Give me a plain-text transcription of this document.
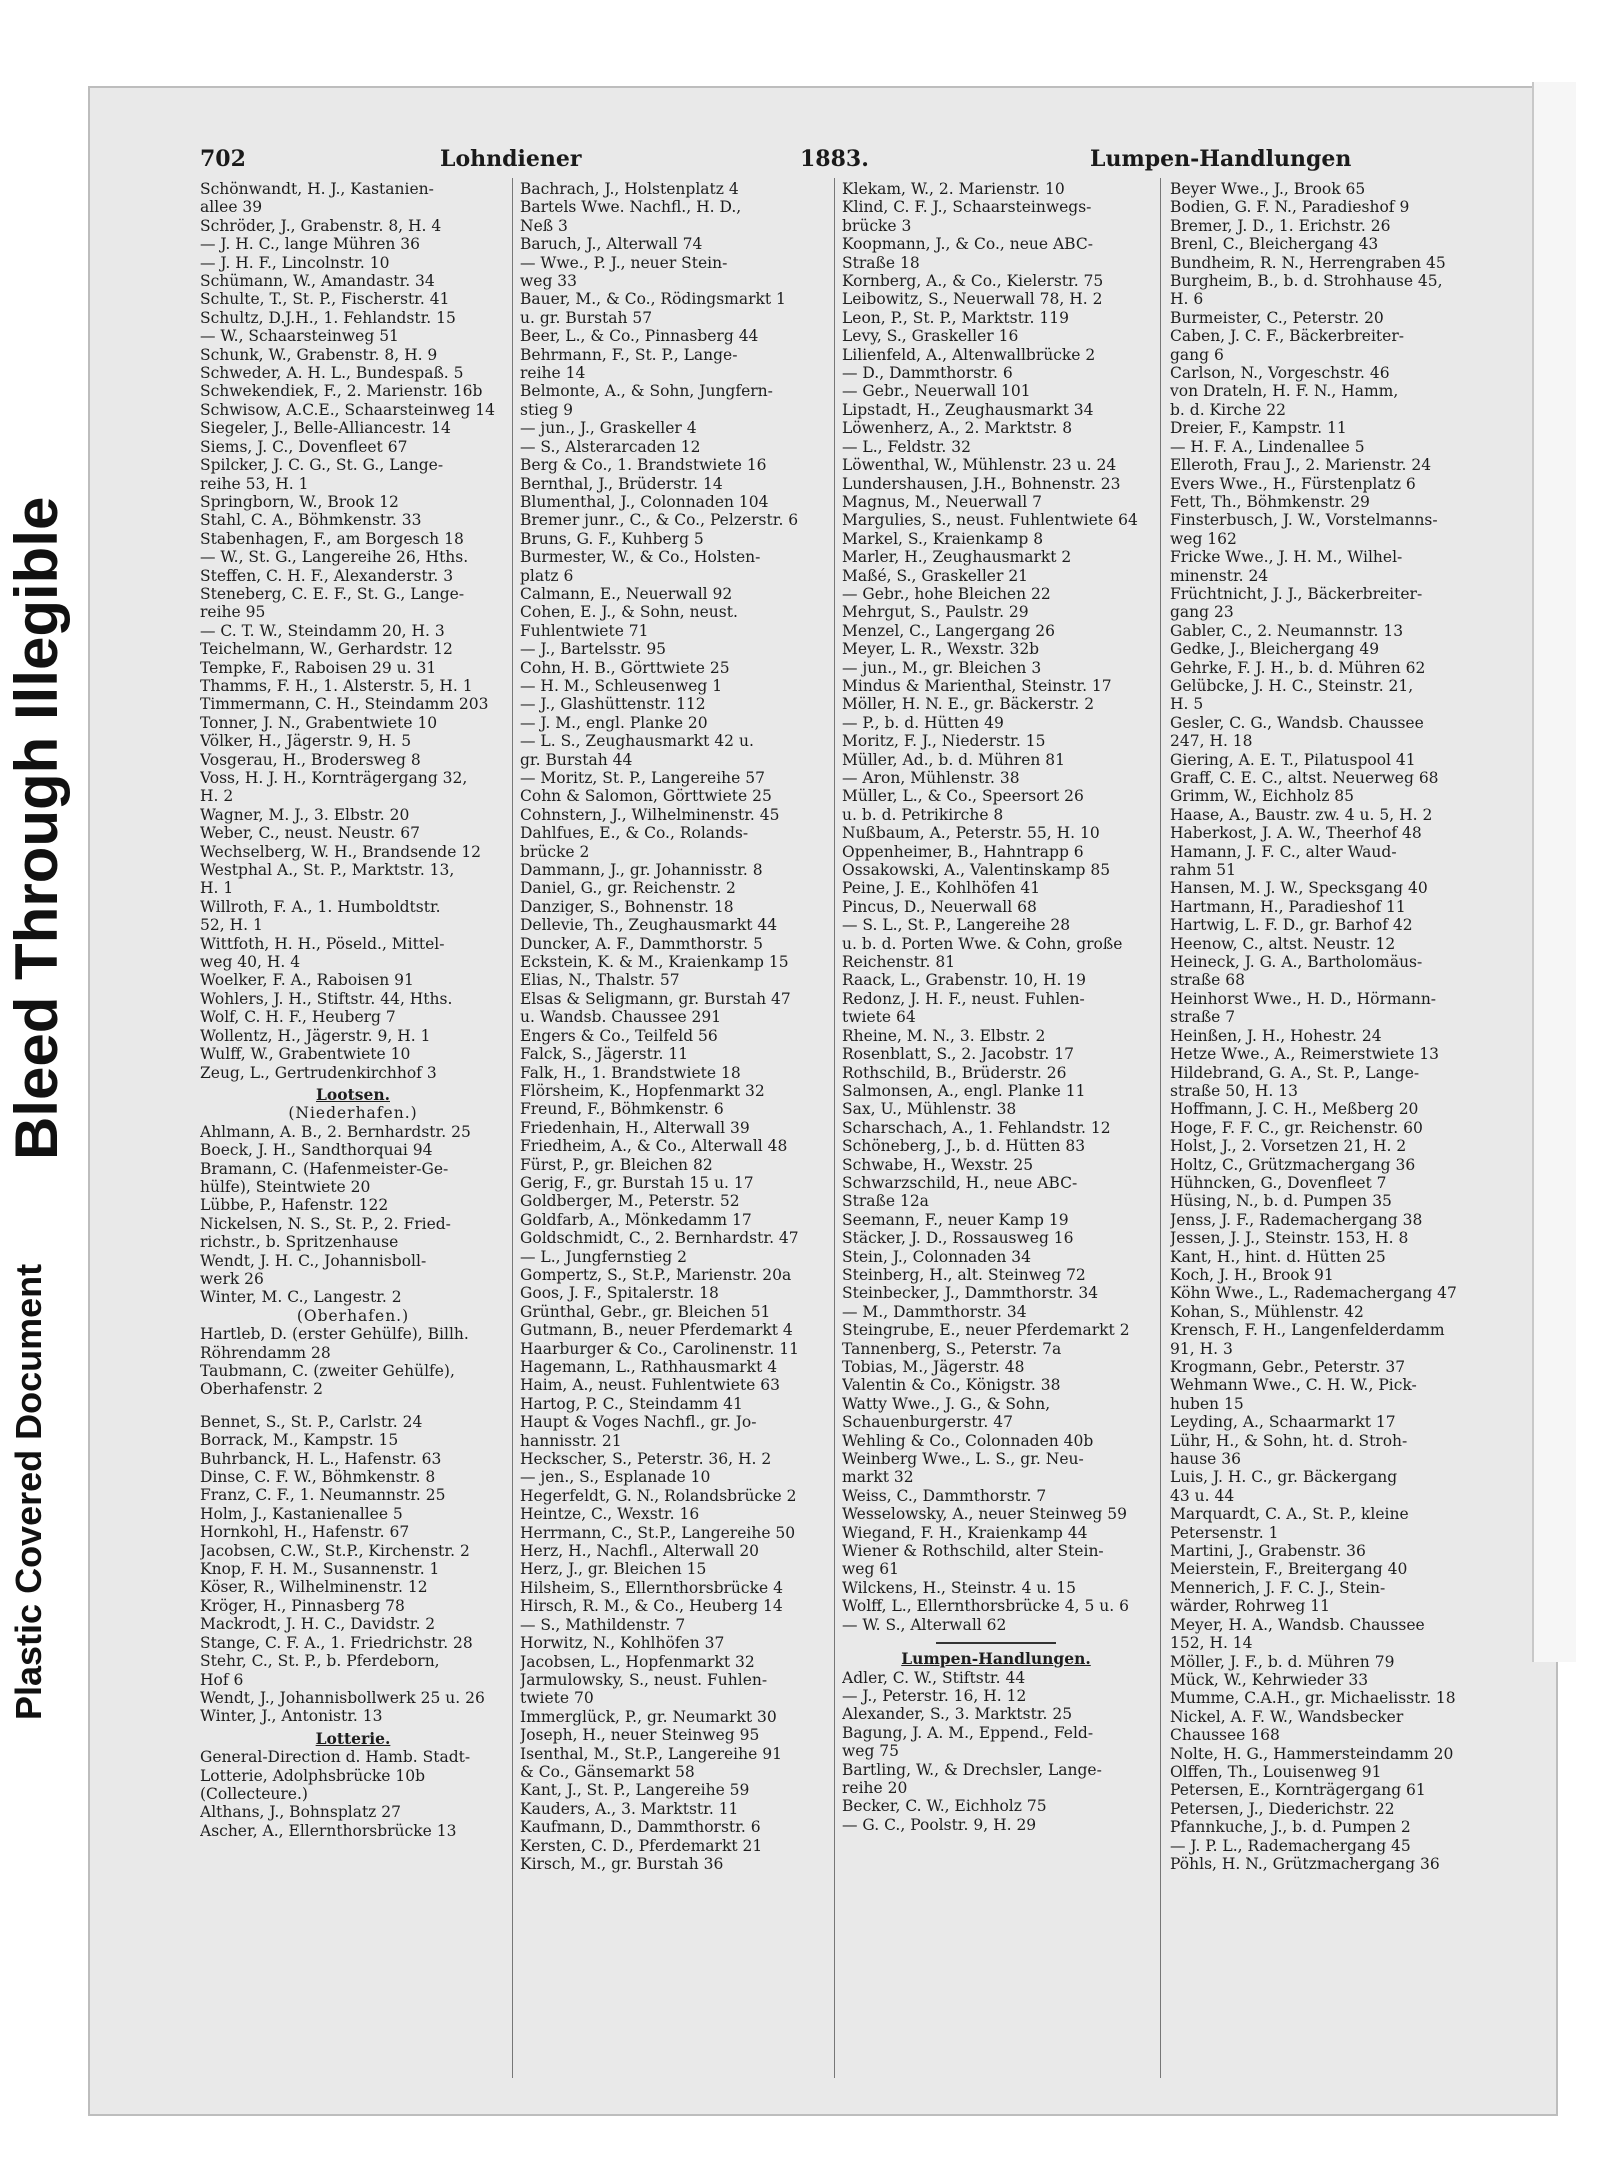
Bleed Through Illegible
Plastic Covered Document
702	Lohndiener	1883.	Lumpen-Handlungen
Schönwandt, H. J., Kastanien-
allee 39
Schröder, J., Grabenstr. 8, H. 4
— J. H. C., lange Mühren 36
— J. H. F., Lincolnstr. 10
Schümann, W., Amandastr. 34
Schulte, T., St. P., Fischerstr. 41
Schultz, D.J.H., 1. Fehlandstr. 15
— W., Schaarsteinweg 51
Schunk, W., Grabenstr. 8, H. 9
Schweder, A. H. L., Bundespaß. 5
Schwekendiek, F., 2. Marienstr. 16b
Schwisow, A.C.E., Schaarsteinweg 14
Siegeler, J., Belle-Alliancestr. 14
Siems, J. C., Dovenfleet 67
Spilcker, J. C. G., St. G., Lange-
reihe 53, H. 1
Springborn, W., Brook 12
Stahl, C. A., Böhmkenstr. 33
Stabenhagen, F., am Borgesch 18
— W., St. G., Langereihe 26, Hths.
Steffen, C. H. F., Alexanderstr. 3
Steneberg, C. E. F., St. G., Lange-
reihe 95
— C. T. W., Steindamm 20, H. 3
Teichelmann, W., Gerhardstr. 12
Tempke, F., Raboisen 29 u. 31
Thamms, F. H., 1. Alsterstr. 5, H. 1
Timmermann, C. H., Steindamm 203
Tonner, J. N., Grabentwiete 10
Völker, H., Jägerstr. 9, H. 5
Vosgerau, H., Brodersweg 8
Voss, H. J. H., Kornträgergang 32,
H. 2
Wagner, M. J., 3. Elbstr. 20
Weber, C., neust. Neustr. 67
Wechselberg, W. H., Brandsende 12
Westphal A., St. P., Marktstr. 13,
H. 1
Willroth, F. A., 1. Humboldtstr.
52, H. 1
Wittfoth, H. H., Pöseld., Mittel-
weg 40, H. 4
Woelker, F. A., Raboisen 91
Wohlers, J. H., Stiftstr. 44, Hths.
Wolf, C. H. F., Heuberg 7
Wollentz, H., Jägerstr. 9, H. 1
Wulff, W., Grabentwiete 10
Zeug, L., Gertrudenkirchhof 3
Lootsen.
(Niederhafen.)
Ahlmann, A. B., 2. Bernhardstr. 25
Boeck, J. H., Sandthorquai 94
Bramann, C. (Hafenmeister-Ge-
hülfe), Steintwiete 20
Lübbe, P., Hafenstr. 122
Nickelsen, N. S., St. P., 2. Fried-
richstr., b. Spritzenhause
Wendt, J. H. C., Johannisboll-
werk 26
Winter, M. C., Langestr. 2
(Oberhafen.)
Hartleb, D. (erster Gehülfe), Billh.
Röhrendamm 28
Taubmann, C. (zweiter Gehülfe),
Oberhafenstr. 2
Bennet, S., St. P., Carlstr. 24
Borrack, M., Kampstr. 15
Buhrbanck, H. L., Hafenstr. 63
Dinse, C. F. W., Böhmkenstr. 8
Franz, C. F., 1. Neumannstr. 25
Holm, J., Kastanienallee 5
Hornkohl, H., Hafenstr. 67
Jacobsen, C.W., St.P., Kirchenstr. 2
Knop, F. H. M., Susannenstr. 1
Köser, R., Wilhelminenstr. 12
Kröger, H., Pinnasberg 78
Mackrodt, J. H. C., Davidstr. 2
Stange, C. F. A., 1. Friedrichstr. 28
Stehr, C., St. P., b. Pferdeborn,
Hof 6
Wendt, J., Johannisbollwerk 25 u. 26
Winter, J., Antonistr. 13
Lotterie.
General-Direction d. Hamb. Stadt-
Lotterie, Adolphsbrücke 10b
(Collecteure.)
Althans, J., Bohnsplatz 27
Ascher, A., Ellernthorsbrücke 13
Bachrach, J., Holstenplatz 4
Bartels Wwe. Nachfl., H. D.,
Neß 3
Baruch, J., Alterwall 74
— Wwe., P. J., neuer Stein-
weg 33
Bauer, M., & Co., Rödingsmarkt 1
u. gr. Burstah 57
Beer, L., & Co., Pinnasberg 44
Behrmann, F., St. P., Lange-
reihe 14
Belmonte, A., & Sohn, Jungfern-
stieg 9
— jun., J., Graskeller 4
— S., Alsterarcaden 12
Berg & Co., 1. Brandstwiete 16
Bernthal, J., Brüderstr. 14
Blumenthal, J., Colonnaden 104
Bremer junr., C., & Co., Pelzerstr. 6
Bruns, G. F., Kuhberg 5
Burmester, W., & Co., Holsten-
platz 6
Calmann, E., Neuerwall 92
Cohen, E. J., & Sohn, neust.
Fuhlentwiete 71
— J., Bartelsstr. 95
Cohn, H. B., Görttwiete 25
— H. M., Schleusenweg 1
— J., Glashüttenstr. 112
— J. M., engl. Planke 20
— L. S., Zeughausmarkt 42 u.
gr. Burstah 44
— Moritz, St. P., Langereihe 57
Cohn & Salomon, Görttwiete 25
Cohnstern, J., Wilhelminenstr. 45
Dahlfues, E., & Co., Rolands-
brücke 2
Dammann, J., gr. Johannisstr. 8
Daniel, G., gr. Reichenstr. 2
Danziger, S., Bohnenstr. 18
Dellevie, Th., Zeughausmarkt 44
Duncker, A. F., Dammthorstr. 5
Eckstein, K. & M., Kraienkamp 15
Elias, N., Thalstr. 57
Elsas & Seligmann, gr. Burstah 47
u. Wandsb. Chaussee 291
Engers & Co., Teilfeld 56
Falck, S., Jägerstr. 11
Falk, H., 1. Brandstwiete 18
Flörsheim, K., Hopfenmarkt 32
Freund, F., Böhmkenstr. 6
Friedenhain, H., Alterwall 39
Friedheim, A., & Co., Alterwall 48
Fürst, P., gr. Bleichen 82
Gerig, F., gr. Burstah 15 u. 17
Goldberger, M., Peterstr. 52
Goldfarb, A., Mönkedamm 17
Goldschmidt, C., 2. Bernhardstr. 47
— L., Jungfernstieg 2
Gompertz, S., St.P., Marienstr. 20a
Goos, J. F., Spitalerstr. 18
Grünthal, Gebr., gr. Bleichen 51
Gutmann, B., neuer Pferdemarkt 4
Haarburger & Co., Carolinenstr. 11
Hagemann, L., Rathhausmarkt 4
Haim, A., neust. Fuhlentwiete 63
Hartog, P. C., Steindamm 41
Haupt & Voges Nachfl., gr. Jo-
hannisstr. 21
Heckscher, S., Peterstr. 36, H. 2
— jen., S., Esplanade 10
Hegerfeldt, G. N., Rolandsbrücke 2
Heintze, C., Wexstr. 16
Herrmann, C., St.P., Langereihe 50
Herz, H., Nachfl., Alterwall 20
Herz, J., gr. Bleichen 15
Hilsheim, S., Ellernthorsbrücke 4
Hirsch, R. M., & Co., Heuberg 14
— S., Mathildenstr. 7
Horwitz, N., Kohlhöfen 37
Jacobsen, L., Hopfenmarkt 32
Jarmulowsky, S., neust. Fuhlen-
twiete 70
Immerglück, P., gr. Neumarkt 30
Joseph, H., neuer Steinweg 95
Isenthal, M., St.P., Langereihe 91
& Co., Gänsemarkt 58
Kant, J., St. P., Langereihe 59
Kauders, A., 3. Marktstr. 11
Kaufmann, D., Dammthorstr. 6
Kersten, C. D., Pferdemarkt 21
Kirsch, M., gr. Burstah 36
Klekam, W., 2. Marienstr. 10
Klind, C. F. J., Schaarsteinwegs-
brücke 3
Koopmann, J., & Co., neue ABC-
Straße 18
Kornberg, A., & Co., Kielerstr. 75
Leibowitz, S., Neuerwall 78, H. 2
Leon, P., St. P., Marktstr. 119
Levy, S., Graskeller 16
Lilienfeld, A., Altenwallbrücke 2
— D., Dammthorstr. 6
— Gebr., Neuerwall 101
Lipstadt, H., Zeughausmarkt 34
Löwenherz, A., 2. Marktstr. 8
— L., Feldstr. 32
Löwenthal, W., Mühlenstr. 23 u. 24
Lundershausen, J.H., Bohnenstr. 23
Magnus, M., Neuerwall 7
Margulies, S., neust. Fuhlentwiete 64
Markel, S., Kraienkamp 8
Marler, H., Zeughausmarkt 2
Maßé, S., Graskeller 21
— Gebr., hohe Bleichen 22
Mehrgut, S., Paulstr. 29
Menzel, C., Langergang 26
Meyer, L. R., Wexstr. 32b
— jun., M., gr. Bleichen 3
Mindus & Marienthal, Steinstr. 17
Möller, H. N. E., gr. Bäckerstr. 2
— P., b. d. Hütten 49
Moritz, F. J., Niederstr. 15
Müller, Ad., b. d. Mühren 81
— Aron, Mühlenstr. 38
Müller, L., & Co., Speersort 26
u. b. d. Petrikirche 8
Nußbaum, A., Peterstr. 55, H. 10
Oppenheimer, B., Hahntrapp 6
Ossakowski, A., Valentinskamp 85
Peine, J. E., Kohlhöfen 41
Pincus, D., Neuerwall 68
— S. L., St. P., Langereihe 28
u. b. d. Porten Wwe. & Cohn, große
Reichenstr. 81
Raack, L., Grabenstr. 10, H. 19
Redonz, J. H. F., neust. Fuhlen-
twiete 64
Rheine, M. N., 3. Elbstr. 2
Rosenblatt, S., 2. Jacobstr. 17
Rothschild, B., Brüderstr. 26
Salmonsen, A., engl. Planke 11
Sax, U., Mühlenstr. 38
Scharschach, A., 1. Fehlandstr. 12
Schöneberg, J., b. d. Hütten 83
Schwabe, H., Wexstr. 25
Schwarzschild, H., neue ABC-
Straße 12a
Seemann, F., neuer Kamp 19
Stäcker, J. D., Rossausweg 16
Stein, J., Colonnaden 34
Steinberg, H., alt. Steinweg 72
Steinbecker, J., Dammthorstr. 34
— M., Dammthorstr. 34
Steingrube, E., neuer Pferdemarkt 2
Tannenberg, S., Peterstr. 7a
Tobias, M., Jägerstr. 48
Valentin & Co., Königstr. 38
Watty Wwe., J. G., & Sohn,
Schauenburgerstr. 47
Wehling & Co., Colonnaden 40b
Weinberg Wwe., L. S., gr. Neu-
markt 32
Weiss, C., Dammthorstr. 7
Wesselowsky, A., neuer Steinweg 59
Wiegand, F. H., Kraienkamp 44
Wiener & Rothschild, alter Stein-
weg 61
Wilckens, H., Steinstr. 4 u. 15
Wolff, L., Ellernthorsbrücke 4, 5 u. 6
— W. S., Alterwall 62
Lumpen-Handlungen.
Adler, C. W., Stiftstr. 44
— J., Peterstr. 16, H. 12
Alexander, S., 3. Marktstr. 25
Bagung, J. A. M., Eppend., Feld-
weg 75
Bartling, W., & Drechsler, Lange-
reihe 20
Becker, C. W., Eichholz 75
— G. C., Poolstr. 9, H. 29
Beyer Wwe., J., Brook 65
Bodien, G. F. N., Paradieshof 9
Bremer, J. D., 1. Erichstr. 26
Brenl, C., Bleichergang 43
Bundheim, R. N., Herrengraben 45
Burgheim, B., b. d. Strohhause 45,
H. 6
Burmeister, C., Peterstr. 20
Caben, J. C. F., Bäckerbreiter-
gang 6
Carlson, N., Vorgeschstr. 46
von Drateln, H. F. N., Hamm,
b. d. Kirche 22
Dreier, F., Kampstr. 11
— H. F. A., Lindenallee 5
Elleroth, Frau J., 2. Marienstr. 24
Evers Wwe., H., Fürstenplatz 6
Fett, Th., Böhmkenstr. 29
Finsterbusch, J. W., Vorstelmanns-
weg 162
Fricke Wwe., J. H. M., Wilhel-
minenstr. 24
Früchtnicht, J. J., Bäckerbreiter-
gang 23
Gabler, C., 2. Neumannstr. 13
Gedke, J., Bleichergang 49
Gehrke, F. J. H., b. d. Mühren 62
Gelübcke, J. H. C., Steinstr. 21,
H. 5
Gesler, C. G., Wandsb. Chaussee
247, H. 18
Giering, A. E. T., Pilatuspool 41
Graff, C. E. C., altst. Neuerweg 68
Grimm, W., Eichholz 85
Haase, A., Baustr. zw. 4 u. 5, H. 2
Haberkost, J. A. W., Theerhof 48
Hamann, J. F. C., alter Waud-
rahm 51
Hansen, M. J. W., Specksgang 40
Hartmann, H., Paradieshof 11
Hartwig, L. F. D., gr. Barhof 42
Heenow, C., altst. Neustr. 12
Heineck, J. G. A., Bartholomäus-
straße 68
Heinhorst Wwe., H. D., Hörmann-
straße 7
Heinßen, J. H., Hohestr. 24
Hetze Wwe., A., Reimerstwiete 13
Hildebrand, G. A., St. P., Lange-
straße 50, H. 13
Hoffmann, J. C. H., Meßberg 20
Hoge, F. F. C., gr. Reichenstr. 60
Holst, J., 2. Vorsetzen 21, H. 2
Holtz, C., Grützmachergang 36
Hühncken, G., Dovenfleet 7
Hüsing, N., b. d. Pumpen 35
Jenss, J. F., Rademachergang 38
Jessen, J. J., Steinstr. 153, H. 8
Kant, H., hint. d. Hütten 25
Koch, J. H., Brook 91
Köhn Wwe., L., Rademachergang 47
Kohan, S., Mühlenstr. 42
Krensch, F. H., Langenfelderdamm
91, H. 3
Krogmann, Gebr., Peterstr. 37
Wehmann Wwe., C. H. W., Pick-
huben 15
Leyding, A., Schaarmarkt 17
Lühr, H., & Sohn, ht. d. Stroh-
hause 36
Luis, J. H. C., gr. Bäckergang
43 u. 44
Marquardt, C. A., St. P., kleine
Petersenstr. 1
Martini, J., Grabenstr. 36
Meierstein, F., Breitergang 40
Mennerich, J. F. C. J., Stein-
wärder, Rohrweg 11
Meyer, H. A., Wandsb. Chaussee
152, H. 14
Möller, J. F., b. d. Mühren 79
Mück, W., Kehrwieder 33
Mumme, C.A.H., gr. Michaelisstr. 18
Nickel, A. F. W., Wandsbecker
Chaussee 168
Nolte, H. G., Hammersteindamm 20
Olffen, Th., Louisenweg 91
Petersen, E., Kornträgergang 61
Petersen, J., Diederichstr. 22
Pfannkuche, J., b. d. Pumpen 2
— J. P. L., Rademachergang 45
Pöhls, H. N., Grützmachergang 36
